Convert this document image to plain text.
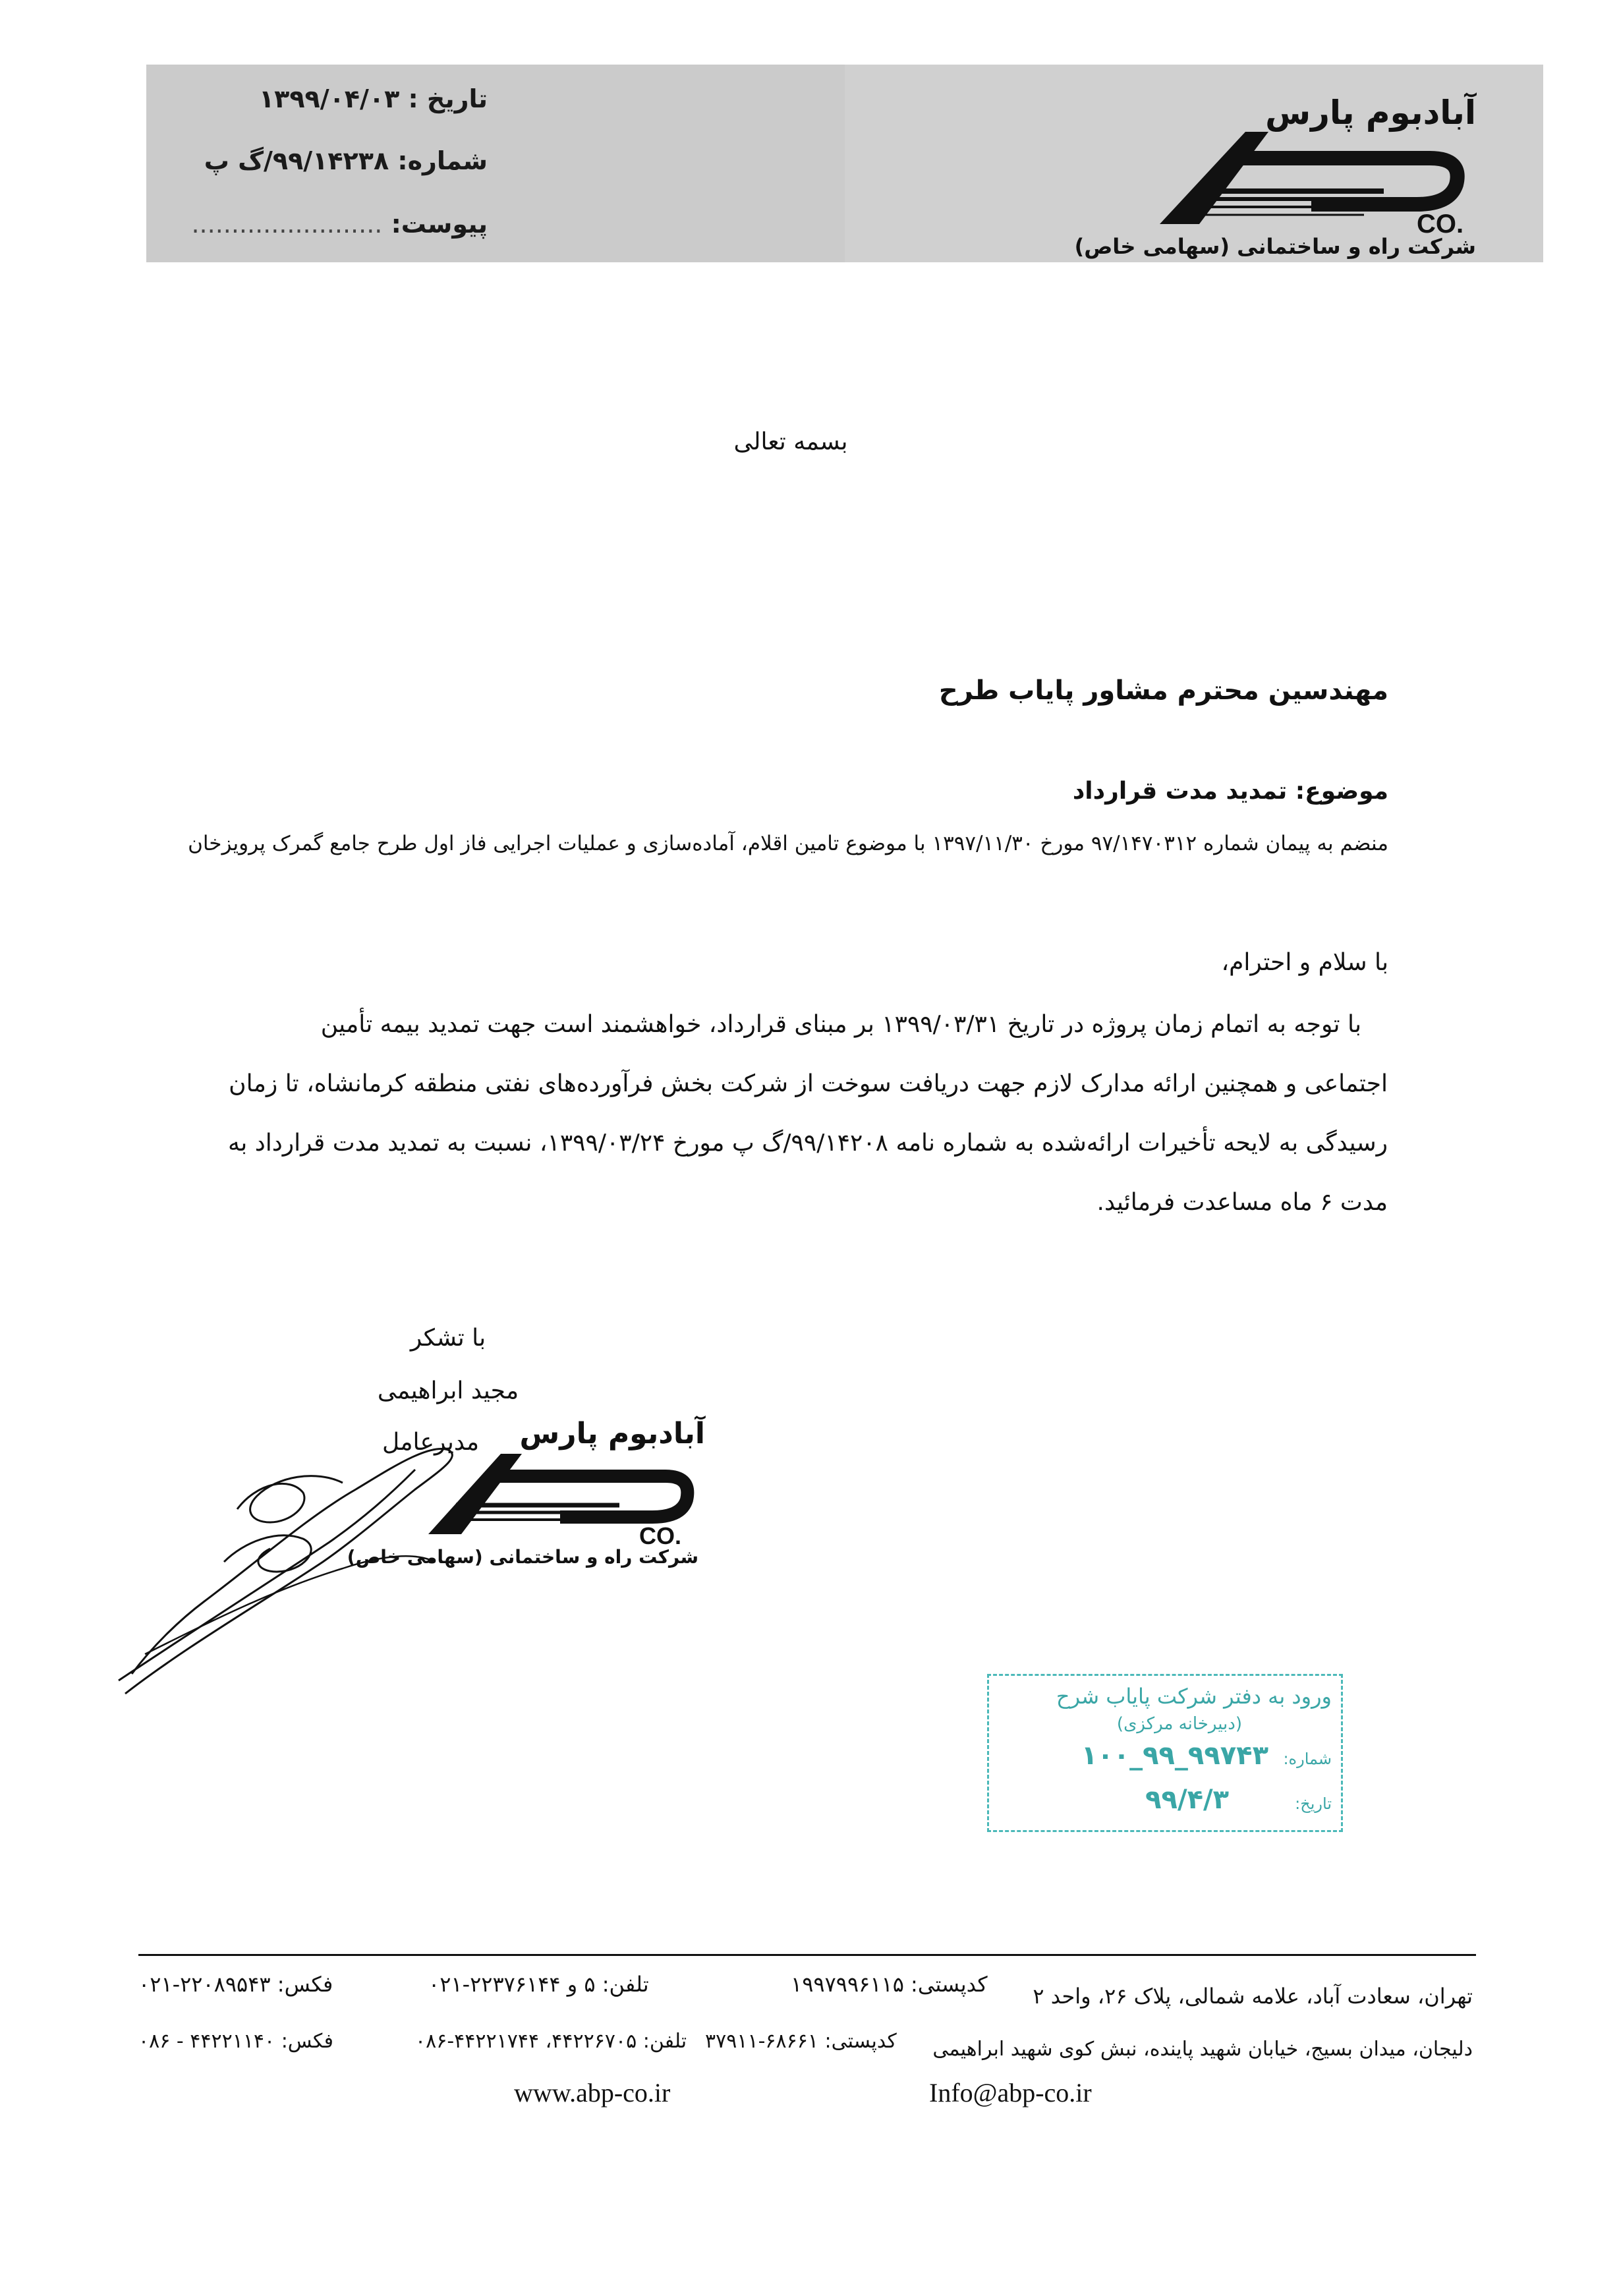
تاریخ : ۱۳۹۹/۰۴/۰۳
شماره: ۹۹/۱۴۲۳۸/گ پ
پیوست: ........................
آبادبوم پارس
CO.
شرکت راه و ساختمانی (سهامی خاص)
بسمه تعالی
مهندسین محترم مشاور پایاب طرح
موضوع: تمدید مدت قرارداد
منضم به پیمان شماره ۹۷/۱۴۷۰۳۱۲ مورخ ۱۳۹۷/۱۱/۳۰ با موضوع تامین اقلام، آماده‌سازی و عملیات اجرایی فاز اول طرح جامع گمرک پرویزخان
با سلام و احترام،
با توجه به اتمام زمان پروژه در تاریخ ۱۳۹۹/۰۳/۳۱ بر مبنای قرارداد، خواهشمند است جهت تمدید بیمه تأمین
اجتماعی و همچنین ارائه مدارک لازم جهت دریافت سوخت از شرکت بخش فرآورده‌های نفتی منطقه کرمانشاه، تا زمان
رسیدگی به لایحه تأخیرات ارائه‌شده به شماره نامه ۹۹/۱۴۲۰۸/گ پ مورخ ۱۳۹۹/۰۳/۲۴، نسبت به تمدید مدت قرارداد به
مدت ۶ ماه مساعدت فرمائید.
با تشکر
مجید ابراهیمی
مدیرعامل آبادبوم پارس
CO.
شرکت راه و ساختمانی (سهامی خاص)
ورود به دفتر شرکت پایاب شرح
(دبیرخانه مرکزی)
شماره:
۱۰۰_۹۹_۹۹۷۴۳
تاریخ:
۹۹/۴/۳
تهران، سعادت آباد، علامه شمالی، پلاک ۲۶، واحد ۲
کدپستی: ۱۹۹۷۹۹۶۱۱۵
تلفن: ۵ و ۲۲۳۷۶۱۴۴-۰۲۱
فکس: ۲۲۰۸۹۵۴۳-۰۲۱
دلیجان، میدان بسیج، خیابان شهید پاینده، نبش کوی شهید ابراهیمی
کدپستی: ۶۸۶۶۱-۳۷۹۱۱
تلفن: ۴۴۲۲۶۷۰۵، ۴۴۲۲۱۷۴۴-۰۸۶
فکس: ۴۴۲۲۱۱۴۰ - ۰۸۶
www.abp-co.ir	Info@abp-co.ir
